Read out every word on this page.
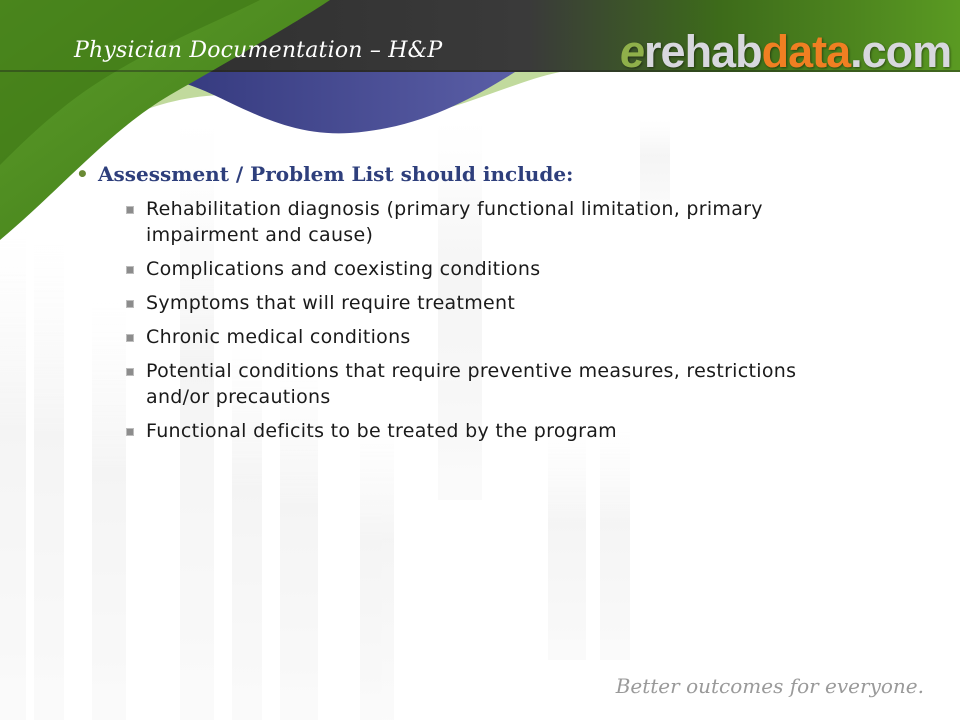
Physician Documentation – H&P	erehabdata.com
• Assessment / Problem List should include:
Rehabilitation diagnosis (primary functional limitation, primary impairment and cause)
Complications and coexisting conditions
Symptoms that will require treatment
Chronic medical conditions
Potential conditions that require preventive measures, restrictions and/or precautions
Functional deficits to be treated by the program
Better outcomes for everyone.
